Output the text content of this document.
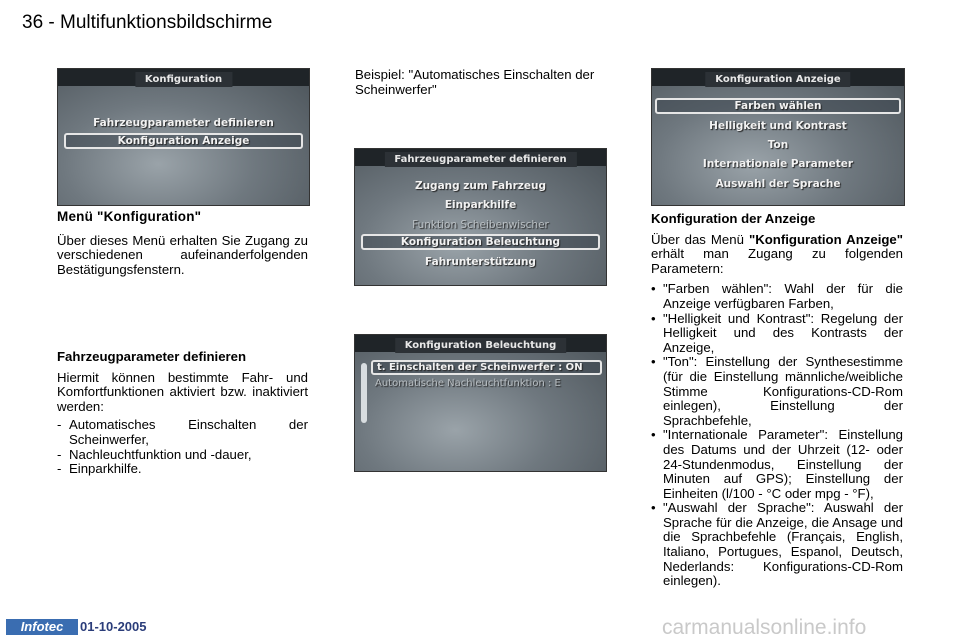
36 - Multifunktionsbildschirme
Konfiguration
Fahrzeugparameter definieren
Konfiguration Anzeige

Menü "Konfiguration"

Über dieses Menü erhalten Sie Zugang zu verschiedenen aufeinanderfolgenden Bestätigungsfenstern.

Fahrzeugparameter definieren

Hiermit können bestimmte Fahr- und Komfortfunktionen aktiviert bzw. inaktiviert werden:

- Automatisches Einschalten der Scheinwerfer,
- Nachleuchtfunktion und -dauer,
- Einparkhilfe.
Beispiel: "Automatisches Einschalten der Scheinwerfer"
Fahrzeugparameter definieren
Zugang zum Fahrzeug
Einparkhilfe
Funktion Scheibenwischer
Konfiguration Beleuchtung
Fahrunterstützung
Konfiguration Beleuchtung
t. Einschalten der Scheinwerfer : ON
Automatische Nachleuchtfunktion : E
Konfiguration Anzeige
Farben wählen
Helligkeit und Kontrast
Ton
Internationale Parameter
Auswahl der Sprache

Konfiguration der Anzeige

Über das Menü "Konfiguration Anzeige" erhält man Zugang zu folgenden Parametern:

• "Farben wählen": Wahl der für die Anzeige verfügbaren Farben,
• "Helligkeit und Kontrast": Regelung der Helligkeit und des Kontrasts der Anzeige,
• "Ton": Einstellung der Synthesestimme (für die Einstellung männliche/weibliche Stimme Konfigurations-CD-Rom einlegen), Einstellung der Sprachbefehle,
• "Internationale Parameter": Einstellung des Datums und der Uhrzeit (12- oder 24-Stundenmodus, Einstellung der Minuten auf GPS); Einstellung der Einheiten (l/100 - °C oder mpg - °F),
• "Auswahl der Sprache": Auswahl der Sprache für die Anzeige, die Ansage und die Sprachbefehle (Français, English, Italiano, Portugues, Espanol, Deutsch, Nederlands: Konfigurations-CD-Rom einlegen).
Infotec	01-10-2005	carmanualsonline.info
